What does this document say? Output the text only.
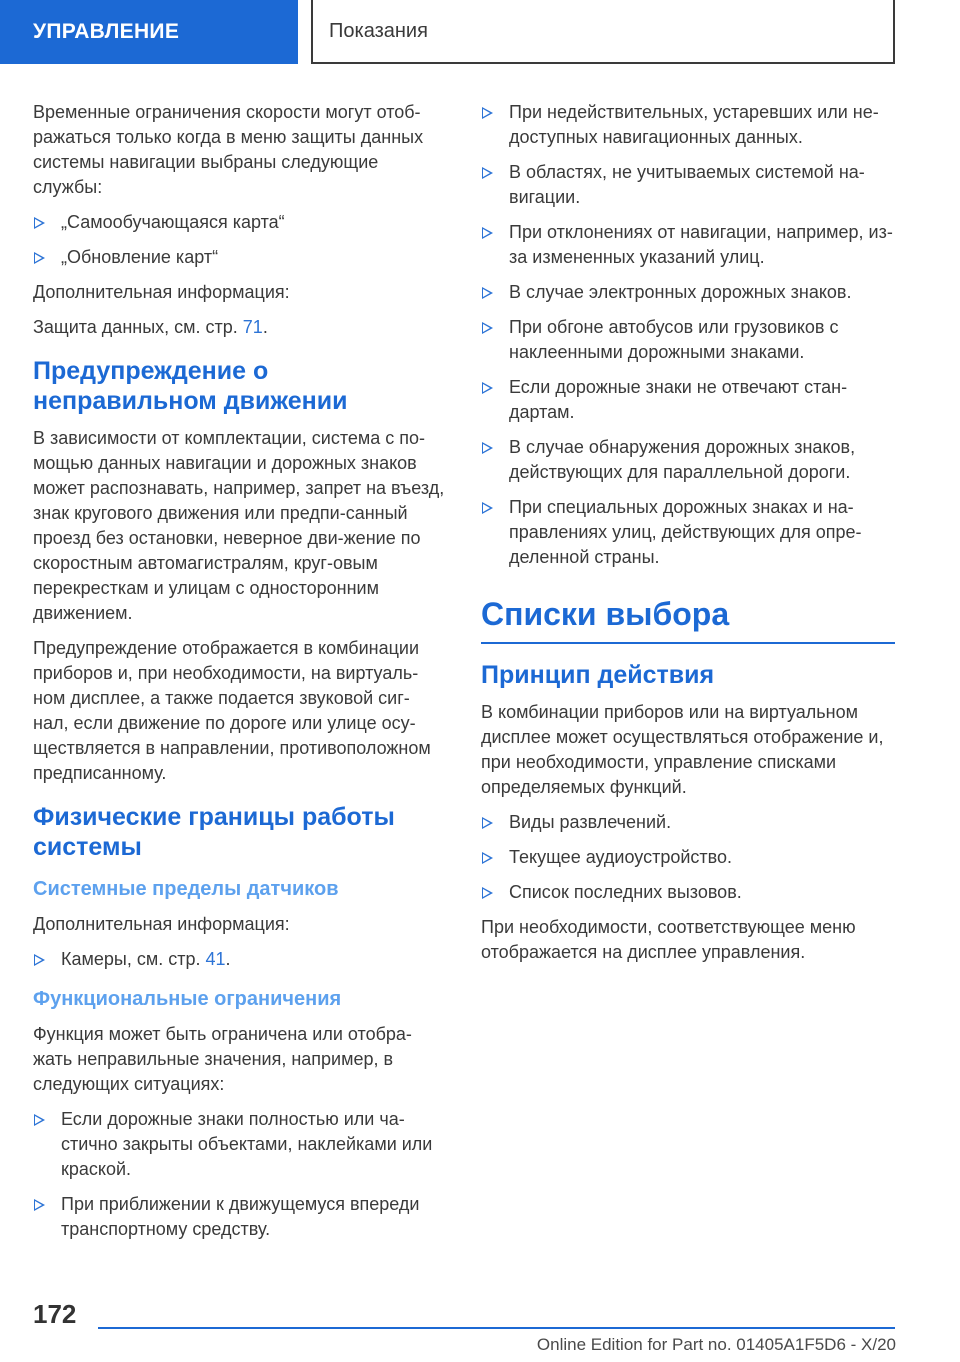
УПРАВЛЕНИЕ	Показания

Временные ограничения скорости могут отоб-ражаться только когда в меню защиты данных системы навигации выбраны следующие службы:

„Самообучающаяся карта“
„Обновление карт“

Дополнительная информация:

Защита данных, см. стр. 71.

Предупреждение о неправильном движении

В зависимости от комплектации, система с по-мощью данных навигации и дорожных знаков может распознавать, например, запрет на въезд, знак кругового движения или предпи-санный проезд без остановки, неверное дви-жение по скоростным автомагистралям, круг-овым перекресткам и улицам с односторонним движением.

Предупреждение отображается в комбинации приборов и, при необходимости, на виртуаль-ном дисплее, а также подается звуковой сиг-нал, если движение по дороге или улице осу-ществляется в направлении, противоположном предписанному.

Физические границы работы системы
Системные пределы датчиков

Дополнительная информация:

Камеры, см. стр. 41.
Функциональные ограничения

Функция может быть ограничена или отобра-жать неправильные значения, например, в следующих ситуациях:

Если дорожные знаки полностью или ча-стично закрыты объектами, наклейками или краской.
При приближении к движущемуся впереди транспортному средству.
При недействительных, устаревших или не-доступных навигационных данных.
В областях, не учитываемых системой на-вигации.
При отклонениях от навигации, например, из-за измененных указаний улиц.
В случае электронных дорожных знаков.
При обгоне автобусов или грузовиков с наклеенными дорожными знаками.
Если дорожные знаки не отвечают стан-дартам.
В случае обнаружения дорожных знаков, действующих для параллельной дороги.
При специальных дорожных знаках и на-правлениях улиц, действующих для опре-деленной страны.
Списки выбора
Принцип действия

В комбинации приборов или на виртуальном дисплее может осуществляться отображение и, при необходимости, управление списками определяемых функций.

Виды развлечений.
Текущее аудиоустройство.
Список последних вызовов.

При необходимости, соответствующее меню отображается на дисплее управления.

172
Online Edition for Part no. 01405A1F5D6 - X/20
